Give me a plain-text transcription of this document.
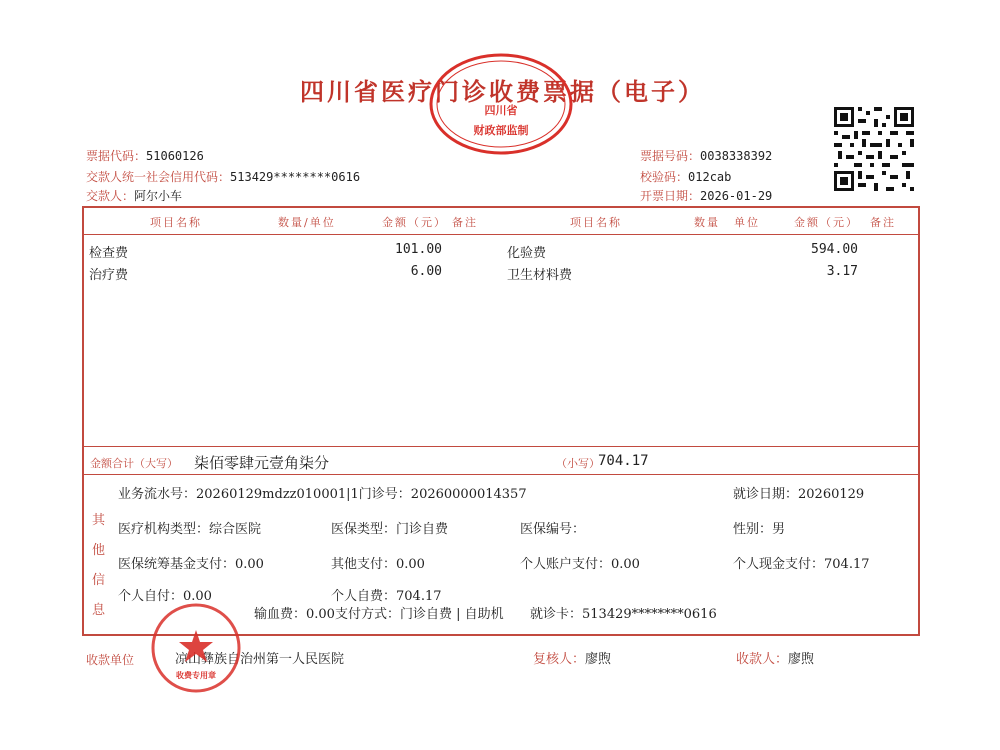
四川省医疗门诊收费票据（电子）
四川省
财政部监制
票据代码：51060126
交款人统一社会信用代码：513429********0616
交款人：阿尔小车
票据号码：0038338392
校验码：012cab
开票日期：2026-01-29
项目名称	数量/单位	金额（元） 备注	项目名称	数量 单位	金额（元） 备注
检查费	101.00
治疗费	6.00
化验费	594.00
卫生材料费	3.17
金额合计（大写） 柒佰零肆元壹角柒分	（小写）
704.17
其
他
信
息
业务流水号：20260129mdzz010001|1门诊号：20260000014357	就诊日期：20260129
医疗机构类型：综合医院	医保类型：门诊自费	医保编号：	性别：男
医保统筹基金支付：0.00	其他支付：0.00	个人账户支付：0.00	个人现金支付：704.17
个人自付：0.00	个人自费：704.17
输血费：0.00支付方式：门诊自费 | 自助机 就诊卡：513429********0616
收款单位	凉山彝族自治州第一人民医院	复核人：廖煦	收款人：廖煦
收费专用章
